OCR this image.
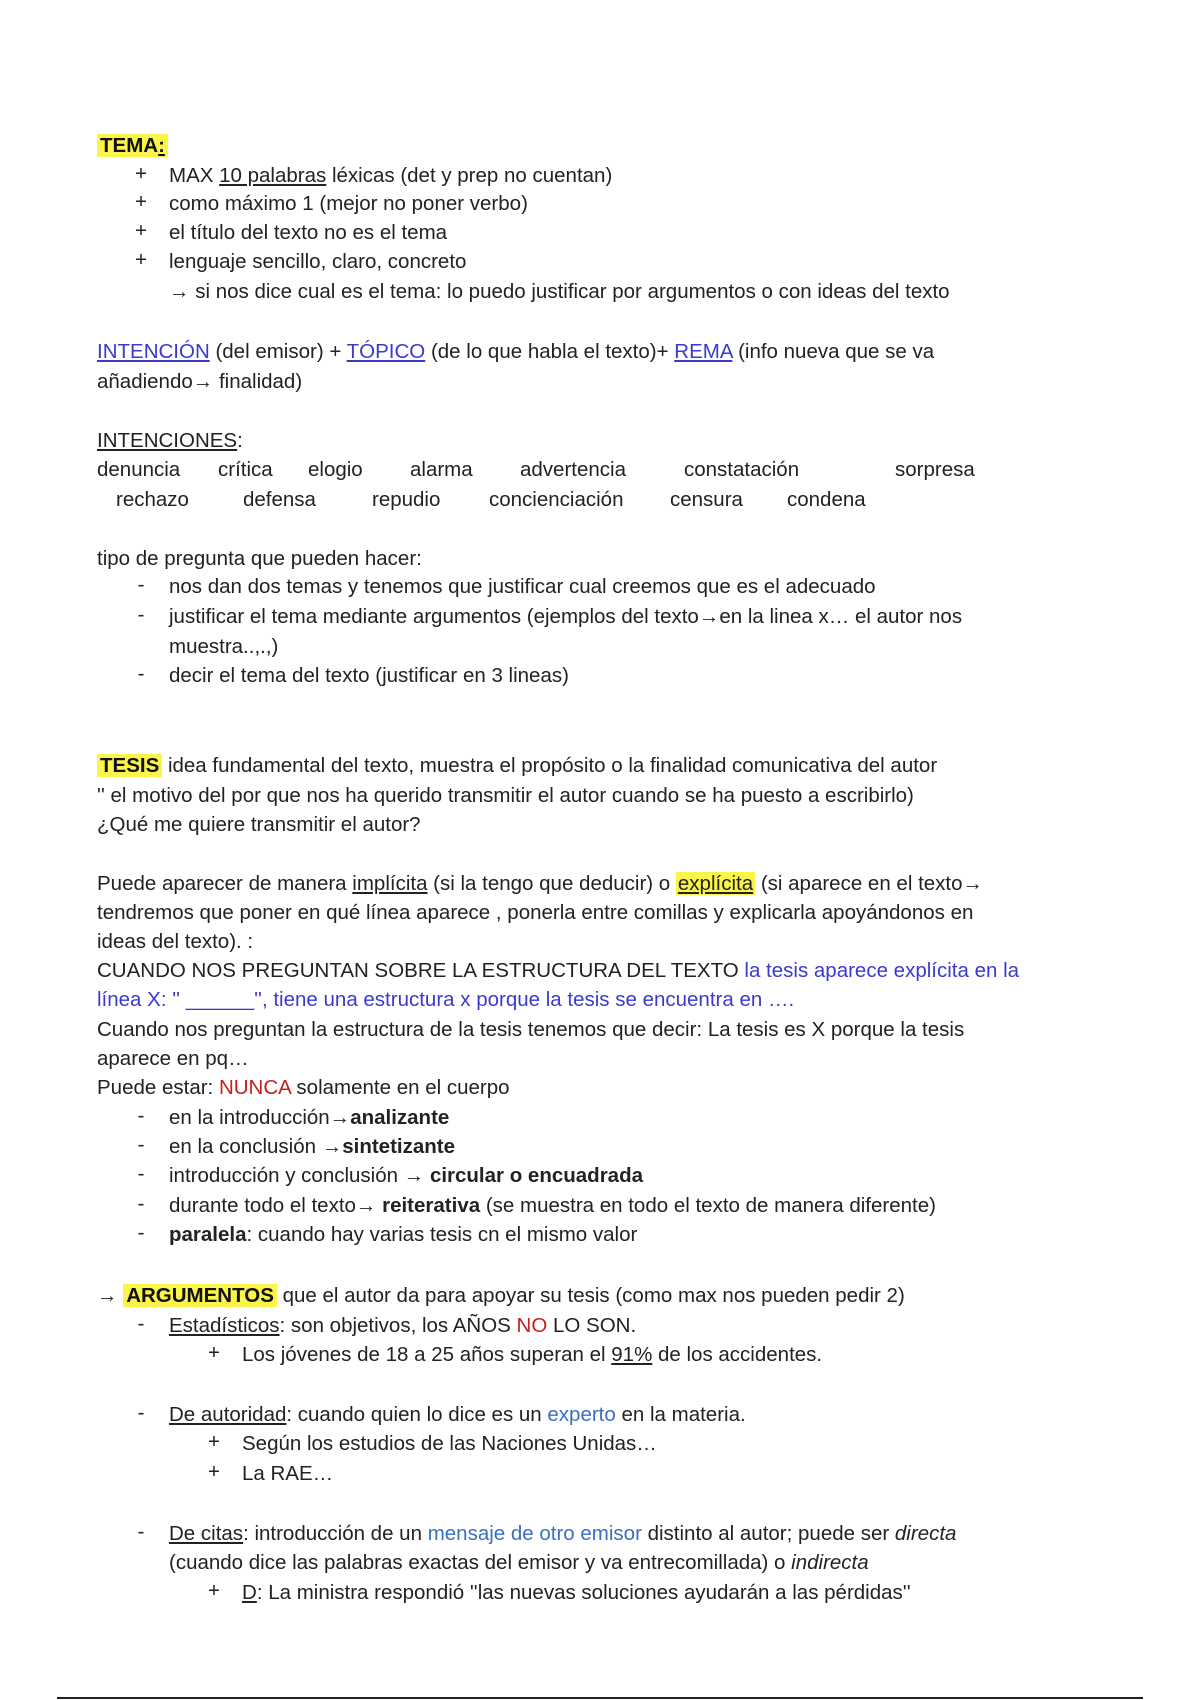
TEMA:
+ MAX 10 palabras léxicas (det y prep no cuentan)
+ como máximo 1 (mejor no poner verbo)
+ el título del texto no es el tema
+ lenguaje sencillo, claro, concreto
→ si nos dice cual es el tema: lo puedo justificar por argumentos o con ideas del texto
INTENCIÓN (del emisor) + TÓPICO (de lo que habla el texto)+ REMA (info nueva que se va
añadiendo→ finalidad)
INTENCIONES:
denuncia crítica elogio alarma advertencia	constatación	sorpresa
rechazo	defensa	repudio concienciación censura condena
tipo de pregunta que pueden hacer:
-	nos dan dos temas y tenemos que justificar cual creemos que es el adecuado
-	justificar el tema mediante argumentos (ejemplos del texto→en la linea x… el autor nos
muestra..,.,)
-	decir el tema del texto (justificar en 3 lineas)
TESIS idea fundamental del texto, muestra el propósito o la finalidad comunicativa del autor
'' el motivo del por que nos ha querido transmitir el autor cuando se ha puesto a escribirlo)
¿Qué me quiere transmitir el autor?
Puede aparecer de manera implícita (si la tengo que deducir) o explícita (si aparece en el texto→
tendremos que poner en qué línea aparece , ponerla entre comillas y explicarla apoyándonos en
ideas del texto). :
CUANDO NOS PREGUNTAN SOBRE LA ESTRUCTURA DEL TEXTO la tesis aparece explícita en la
línea X: '' ______'', tiene una estructura x porque la tesis se encuentra en ….
Cuando nos preguntan la estructura de la tesis tenemos que decir: La tesis es X porque la tesis
aparece en pq…
Puede estar: NUNCA solamente en el cuerpo
-	en la introducción→analizante
-	en la conclusión →sintetizante
-	introducción y conclusión → circular o encuadrada
-	durante todo el texto→ reiterativa (se muestra en todo el texto de manera diferente)
-	paralela: cuando hay varias tesis cn el mismo valor
→ ARGUMENTOS que el autor da para apoyar su tesis (como max nos pueden pedir 2)
-	Estadísticos: son objetivos, los AÑOS NO LO SON.
+ Los jóvenes de 18 a 25 años superan el 91% de los accidentes.
-	De autoridad: cuando quien lo dice es un experto en la materia.
+ Según los estudios de las Naciones Unidas…
+ La RAE…
-	De citas: introducción de un mensaje de otro emisor distinto al autor; puede ser directa
(cuando dice las palabras exactas del emisor y va entrecomillada) o indirecta
+ D: La ministra respondió ''las nuevas soluciones ayudarán a las pérdidas''
